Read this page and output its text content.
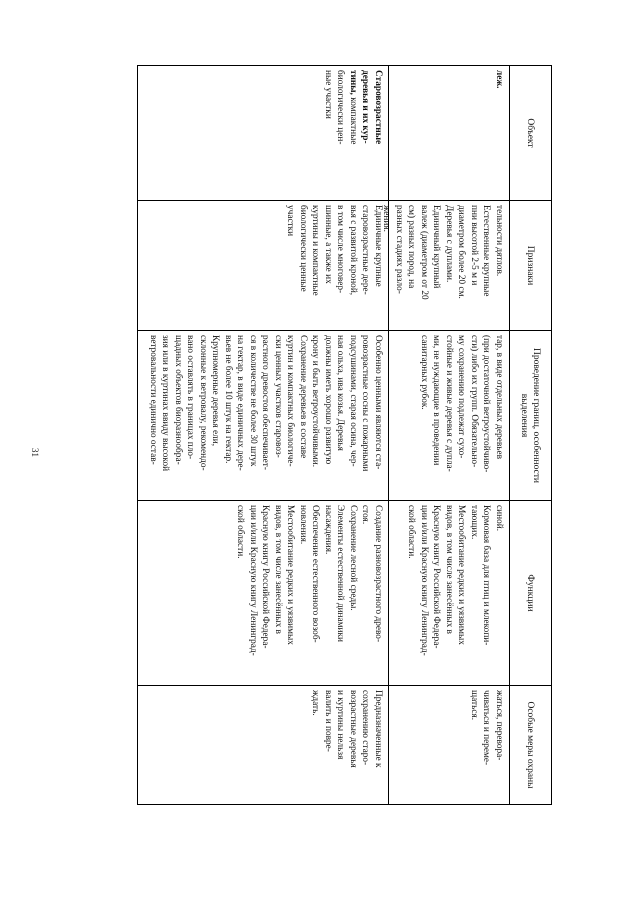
Объект
Признаки
Проведение границ, особенности выделения
Функции
Особые меры охраны
леж.
тельности дятлов.
Естественные крупные
пни высотой 2-5 м и
диаметром более 20 см.
Деревья с дуплами.
Единичный крупный
валеж (диаметром от 20
см) разных пород, на
разных стадиях разло-
жения.
тар, в виде отдельных деревьев
(при достаточной ветроустойчиво-
сти) либо их групп. Обязательно-
му сохранению подлежат сухо-
стойные и живые деревья с дупла-
ми, не нуждающие в проведении
санитарных рубок.
синой.
Кормовая база для птиц и млекопи-
тающих.
Местообитание редких и уязвимых
видов, в том числе занесённых в
Красную книгу Российской Федера-
ции и/или Красную книгу Ленинград-
ской области.
жаться, переворa-
чиваться и переме-
щаться.
Старовозрастные
деревья и их кур-
тины, компактные
биологически цен-
ные участки
Единичные крупные
старовозрастные дере-
вья с развитой кроной,
в том числе многовер-
шинные, а также их
куртины и компактные
биологически ценные
участки
Особенно ценными являются ста-
ровозрастные сосны с пожарными
подсушинами, старая осина, чер-
ная ольха, ива козья. Деревья
должны иметь хорошо развитую
крону и быть ветроустойчивыми.
Сохранение деревьев в составе
куртин и компактных биологиче-
ски ценных участков старовоз-
растного древостоя обеспечивает-
ся в количестве не более 30 штук
на гектар, в виде единичных дере-
вьев не более 10 штук на гектар.
Крупномерные деревья ели,
склонные к ветровалу, рекомендо-
вано оставлять в границах пло-
щадных объектов биоразнообра-
зия или в куртинах ввиду высокой
ветровальности единично остав-
Создание разновозрастного древо-
стоя.
Сохранение лесной среды.
Элементы естественной динамики
насаждения.
Обеспечение естественного возоб-
новления.
Местообитание редких и уязвимых
видов, в том числе занесённых в
Красную книгу Российской Федера-
ции и/или Красную книгу Ленинград-
ской области.
Предназначенные к
сохранению старо-
возрастные деревья
и куртины нельзя
валить и повре-
ждать.
31
